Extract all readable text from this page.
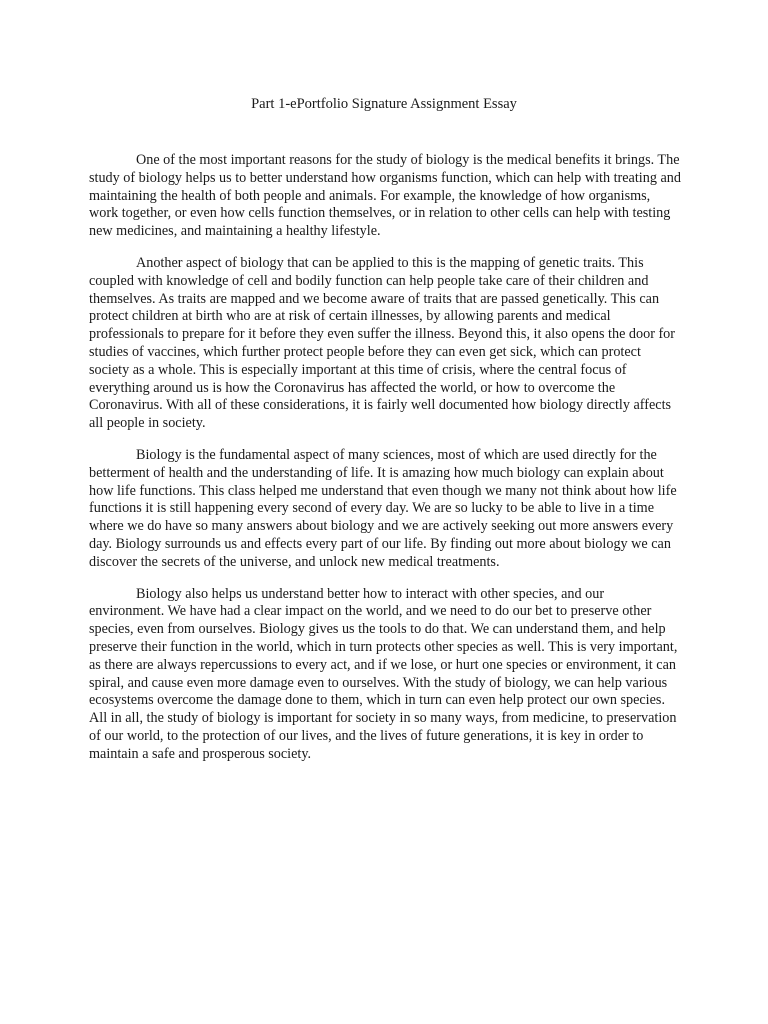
Part 1-ePortfolio Signature Assignment Essay

One of the most important reasons for the study of biology is the medical benefits it brings. The study of biology helps us to better understand how organisms function, which can help with treating and maintaining the health of both people and animals. For example, the knowledge of how organisms, work together, or even how cells function themselves, or in relation to other cells can help with testing new medicines, and maintaining a healthy lifestyle.

Another aspect of biology that can be applied to this is the mapping of genetic traits. This coupled with knowledge of cell and bodily function can help people take care of their children and themselves. As traits are mapped and we become aware of traits that are passed genetically. This can protect children at birth who are at risk of certain illnesses, by allowing parents and medical professionals to prepare for it before they even suffer the illness. Beyond this, it also opens the door for studies of vaccines, which further protect people before they can even get sick, which can protect society as a whole. This is especially important at this time of crisis, where the central focus of everything around us is how the Coronavirus has affected the world, or how to overcome the Coronavirus. With all of these considerations, it is fairly well documented how biology directly affects all people in society.

Biology is the fundamental aspect of many sciences, most of which are used directly for the betterment of health and the understanding of life. It is amazing how much biology can explain about how life functions. This class helped me understand that even though we many not think about how life functions it is still happening every second of every day. We are so lucky to be able to live in a time where we do have so many answers about biology and we are actively seeking out more answers every day. Biology surrounds us and effects every part of our life. By finding out more about biology we can discover the secrets of the universe, and unlock new medical treatments.

Biology also helps us understand better how to interact with other species, and our environment. We have had a clear impact on the world, and we need to do our bet to preserve other species, even from ourselves. Biology gives us the tools to do that. We can understand them, and help preserve their function in the world, which in turn protects other species as well. This is very important, as there are always repercussions to every act, and if we lose, or hurt one species or environment, it can spiral, and cause even more damage even to ourselves. With the study of biology, we can help various ecosystems overcome the damage done to them, which in turn can even help protect our own species. All in all, the study of biology is important for society in so many ways, from medicine, to preservation of our world, to the protection of our lives, and the lives of future generations, it is key in order to maintain a safe and prosperous society.
